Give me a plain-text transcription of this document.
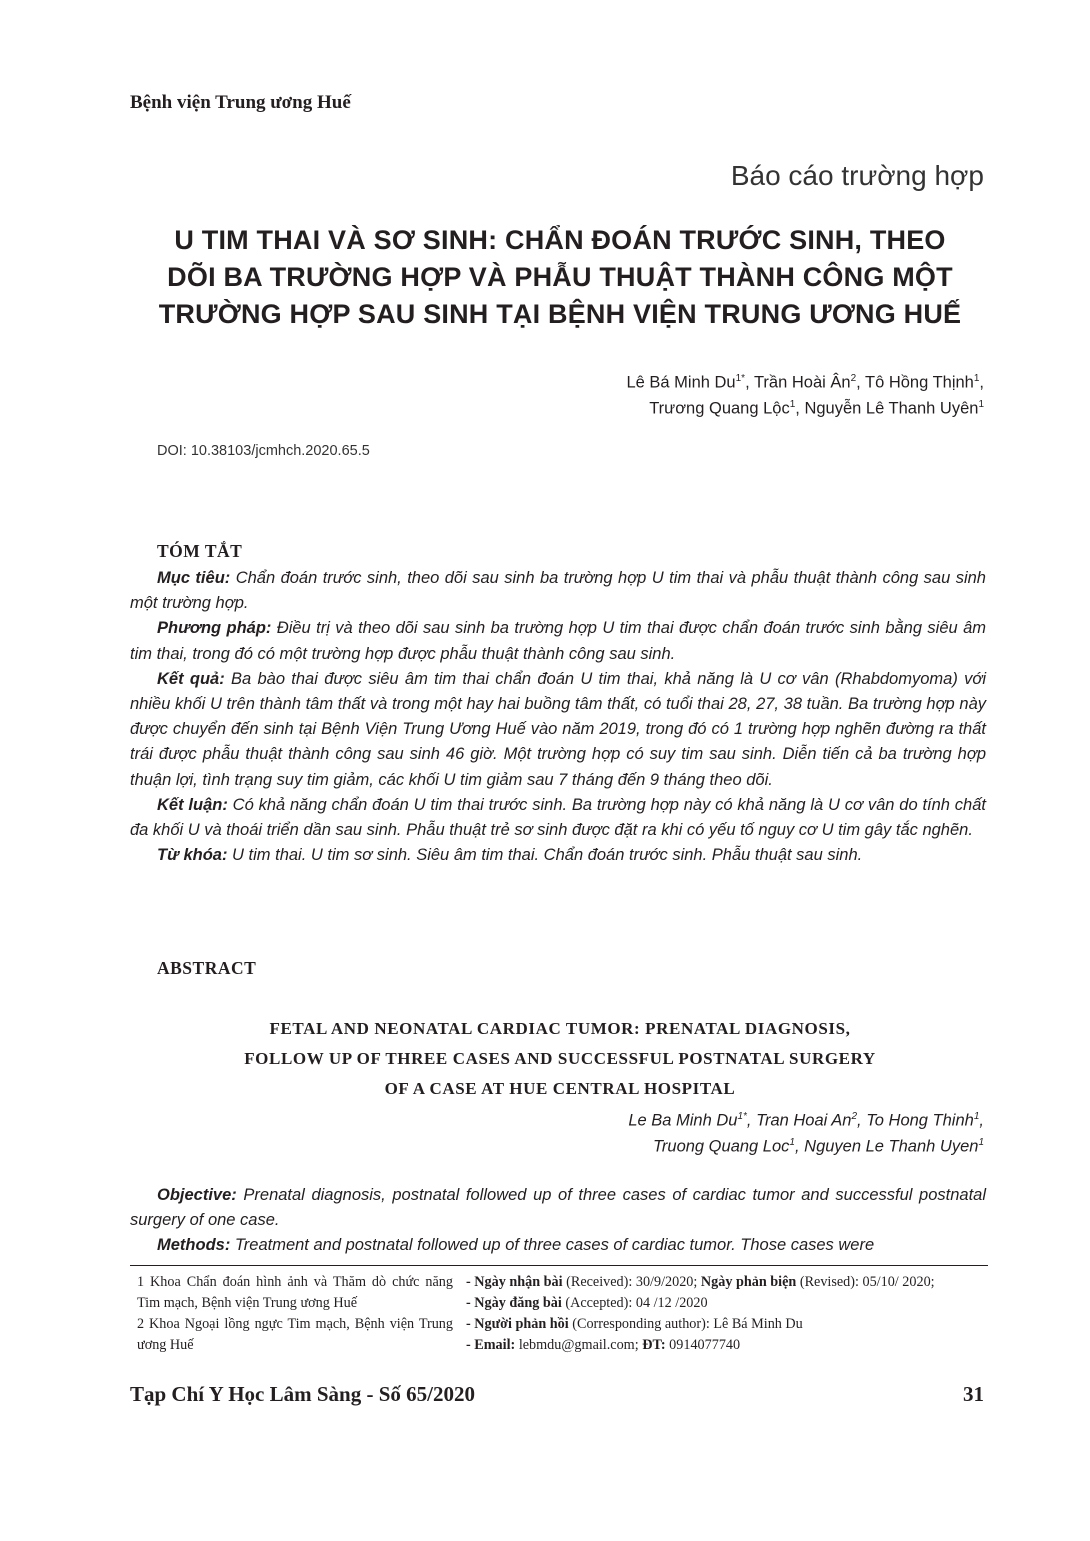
Bệnh viện Trung ương Huế
Báo cáo trường hợp
U TIM THAI VÀ SƠ SINH: CHẨN ĐOÁN TRƯỚC SINH, THEO
DÕI BA TRƯỜNG HỢP VÀ PHẪU THUẬT THÀNH CÔNG MỘT
TRƯỜNG HỢP SAU SINH TẠI BỆNH VIỆN TRUNG ƯƠNG HUẾ
Lê Bá Minh $Du^{1*}$, Trần Hoài $Ân^2$, Tô Hồng Thịnh$^1$,
Trương Quang Lộc$^1$, Nguyễn Lê Thanh Uyên$^1$
DOI: 10.38103/jcmhch.2020.65.5
TÓM TẮT
Mục tiêu: Chẩn đoán trước sinh, theo dõi sau sinh ba trường hợp U tim thai và phẫu thuật thành công sau sinh một trường hợp.
Phương pháp: Điều trị và theo dõi sau sinh ba trường hợp U tim thai được chẩn đoán trước sinh bằng siêu âm tim thai, trong đó có một trường hợp được phẫu thuật thành công sau sinh.
Kết quả: Ba bào thai được siêu âm tim thai chẩn đoán U tim thai, khả năng là U cơ vân (Rhabdomyoma) với nhiều khối U trên thành tâm thất và trong một hay hai buồng tâm thất, có tuổi thai 28, 27, 38 tuần. Ba trường hợp này được chuyển đến sinh tại Bệnh Viện Trung Ương Huế vào năm 2019, trong đó có 1 trường hợp nghẽn đường ra thất trái được phẫu thuật thành công sau sinh 46 giờ. Một trường hợp có suy tim sau sinh. Diễn tiến cả ba trường hợp thuận lợi, tình trạng suy tim giảm, các khối U tim giảm sau 7 tháng đến 9 tháng theo dõi.
Kết luận: Có khả năng chẩn đoán U tim thai trước sinh. Ba trường hợp này có khả năng là U cơ vân do tính chất đa khối U và thoái triển dần sau sinh. Phẫu thuật trẻ sơ sinh được đặt ra khi có yếu tố nguy cơ U tim gây tắc nghẽn.
Từ khóa: U tim thai. U tim sơ sinh. Siêu âm tim thai. Chẩn đoán trước sinh. Phẫu thuật sau sinh.
ABSTRACT
FETAL AND NEONATAL CARDIAC TUMOR: PRENATAL DIAGNOSIS,
FOLLOW UP OF THREE CASES AND SUCCESSFUL POSTNATAL SURGERY
OF A CASE AT HUE CENTRAL HOSPITAL
Le Ba Minh $Du^{1*}$, Tran Hoai An$^2$, To Hong Thinh$^1$,
Truong Quang Loc$^1$, Nguyen Le Thanh Uyen$^1$
Objective: Prenatal diagnosis, postnatal followed up of three cases of cardiac tumor and successful postnatal surgery of one case.
Methods: Treatment and postnatal followed up of three cases of cardiac tumor. Those cases were
1 Khoa Chẩn đoán hình ảnh và Thăm dò chức năng Tim mạch, Bệnh viện Trung ương Huế
2 Khoa Ngoại lồng ngực Tim mạch, Bệnh viện Trung ương Huế
- Ngày nhận bài (Received): 30/9/2020; Ngày phản biện (Revised): 05/10/ 2020;
- Ngày đăng bài (Accepted): 04 /12 /2020
- Người phản hồi (Corresponding author): Lê Bá Minh Du
- Email: lebmdu@gmail.com; ĐT: 0914077740
Tạp Chí Y Học Lâm Sàng - Số 65/2020	31
